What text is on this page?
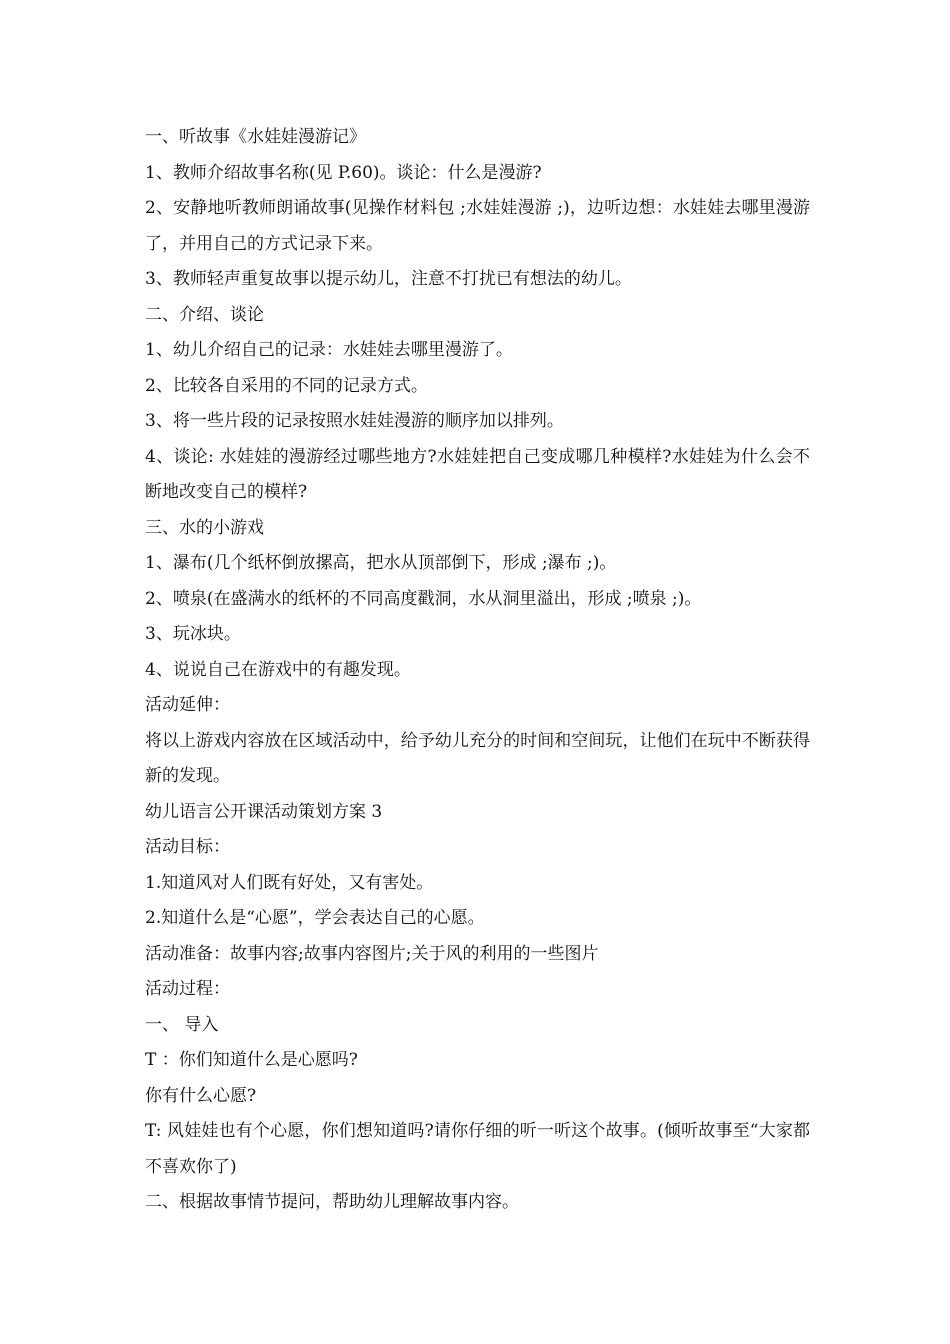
一、听故事《水娃娃漫游记》

1、教师介绍故事名称(见 P.60)。谈论：什么是漫游?

2、安静地听教师朗诵故事(见操作材料包 ;水娃娃漫游 ;)，边听边想：水娃娃去哪里漫游了，并用自己的方式记录下来。

3、教师轻声重复故事以提示幼儿，注意不打扰已有想法的幼儿。

二、介绍、谈论

1、幼儿介绍自己的记录：水娃娃去哪里漫游了。

2、比较各自采用的不同的记录方式。

3、将一些片段的记录按照水娃娃漫游的顺序加以排列。

4、谈论: 水娃娃的漫游经过哪些地方?水娃娃把自己变成哪几种模样?水娃娃为什么会不断地改变自己的模样?

三、水的小游戏

1、瀑布(几个纸杯倒放摞高，把水从顶部倒下，形成 ;瀑布 ;)。

2、喷泉(在盛满水的纸杯的不同高度戳洞，水从洞里溢出，形成 ;喷泉 ;)。

3、玩冰块。

4、说说自己在游戏中的有趣发现。

活动延伸：

将以上游戏内容放在区域活动中，给予幼儿充分的时间和空间玩，让他们在玩中不断获得新的发现。

幼儿语言公开课活动策划方案 3

活动目标：

1.知道风对人们既有好处，又有害处。

2.知道什么是“心愿”，学会表达自己的心愿。

活动准备：故事内容;故事内容图片;关于风的利用的一些图片

活动过程：

一、 导入

T ：你们知道什么是心愿吗?

你有什么心愿?

T: 风娃娃也有个心愿，你们想知道吗?请你仔细的听一听这个故事。(倾听故事至“大家都不喜欢你了)

二、根据故事情节提问，帮助幼儿理解故事内容。
